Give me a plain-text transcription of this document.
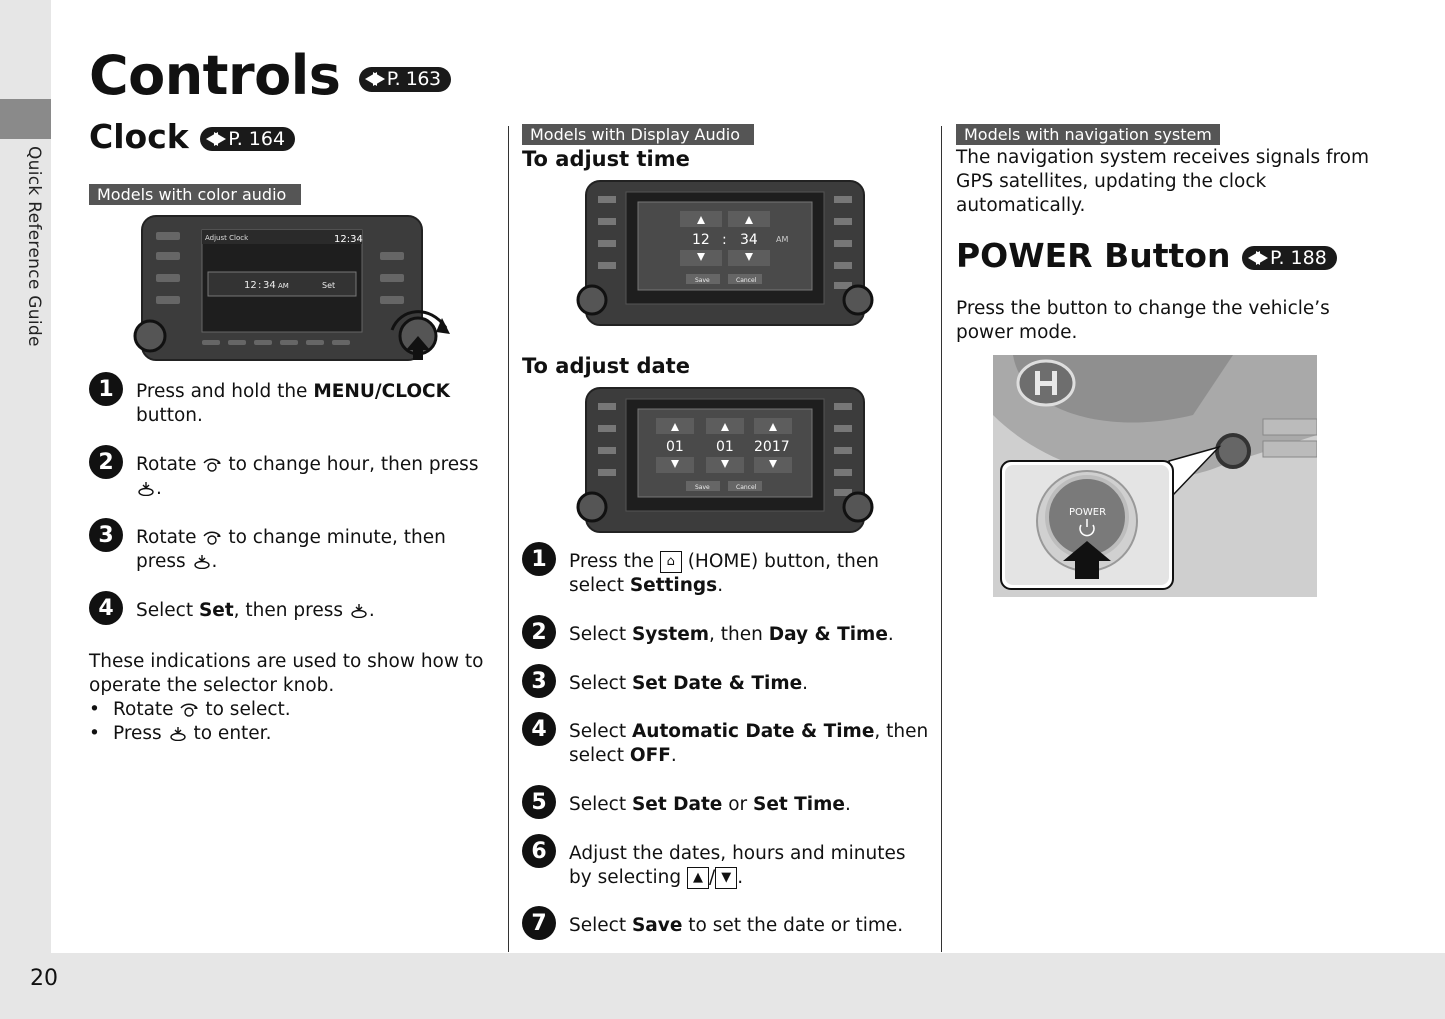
Quick Reference Guide
20
Controls P. 163
Clock P. 164
Models with color audio
Adjust Clock	12:34
12 : 34 AM	Set
1	Press and hold the MENU/CLOCK button.
2	Rotate  to change hour, then press
.
3	Rotate  to change minute, then press .
4	Select Set, then press .
These indications are used to show how to operate the selector knob.
• Rotate to select.
• Press to enter.
Models with Display Audio
To adjust time
12 : 34 AM
Save	Cancel
To adjust date
01 01 2017
Save	Cancel
1	Press the ⌂ (HOME) button, then select Settings.
2	Select System, then Day & Time.
3	Select Set Date & Time.
4	Select Automatic Date & Time, then select OFF.
5	Select Set Date or Set Time.
6	Adjust the dates, hours and minutes by selecting ▲ / ▼ .
7	Select Save to set the date or time.
Models with navigation system
The navigation system receives signals from GPS satellites, updating the clock automatically.
POWER Button P. 188
Press the button to change the vehicle’s power mode.
POWER
